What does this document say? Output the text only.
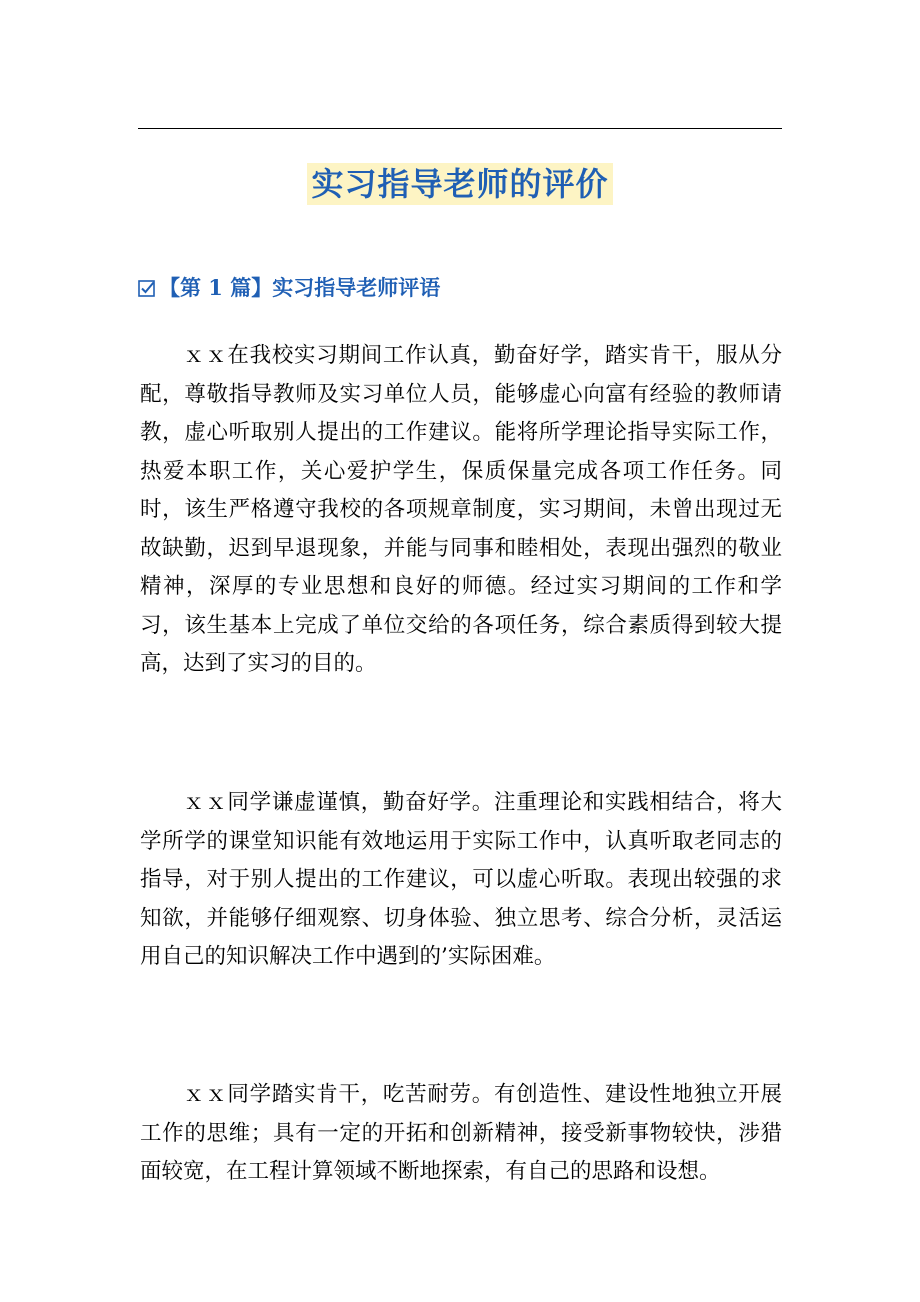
实习指导老师的评价
【第 1 篇】实习指导老师评语

ｘｘ在我校实习期间工作认真，勤奋好学，踏实肯干，服从分配，尊敬指导教师及实习单位人员，能够虚心向富有经验的教师请教，虚心听取别人提出的工作建议。能将所学理论指导实际工作，热爱本职工作，关心爱护学生，保质保量完成各项工作任务。同时，该生严格遵守我校的各项规章制度，实习期间，未曾出现过无故缺勤，迟到早退现象，并能与同事和睦相处，表现出强烈的敬业精神，深厚的专业思想和良好的师德。经过实习期间的工作和学习，该生基本上完成了单位交给的各项任务，综合素质得到较大提高，达到了实习的目的。

ｘｘ同学谦虚谨慎，勤奋好学。注重理论和实践相结合，将大学所学的课堂知识能有效地运用于实际工作中，认真听取老同志的指导，对于别人提出的工作建议，可以虚心听取。表现出较强的求知欲，并能够仔细观察、切身体验、独立思考、综合分析，灵活运用自己的知识解决工作中遇到的’实际困难。

ｘｘ同学踏实肯干，吃苦耐劳。有创造性、建设性地独立开展工作的思维；具有一定的开拓和创新精神，接受新事物较快，涉猎面较宽，在工程计算领域不断地探索，有自己的思路和设想。
